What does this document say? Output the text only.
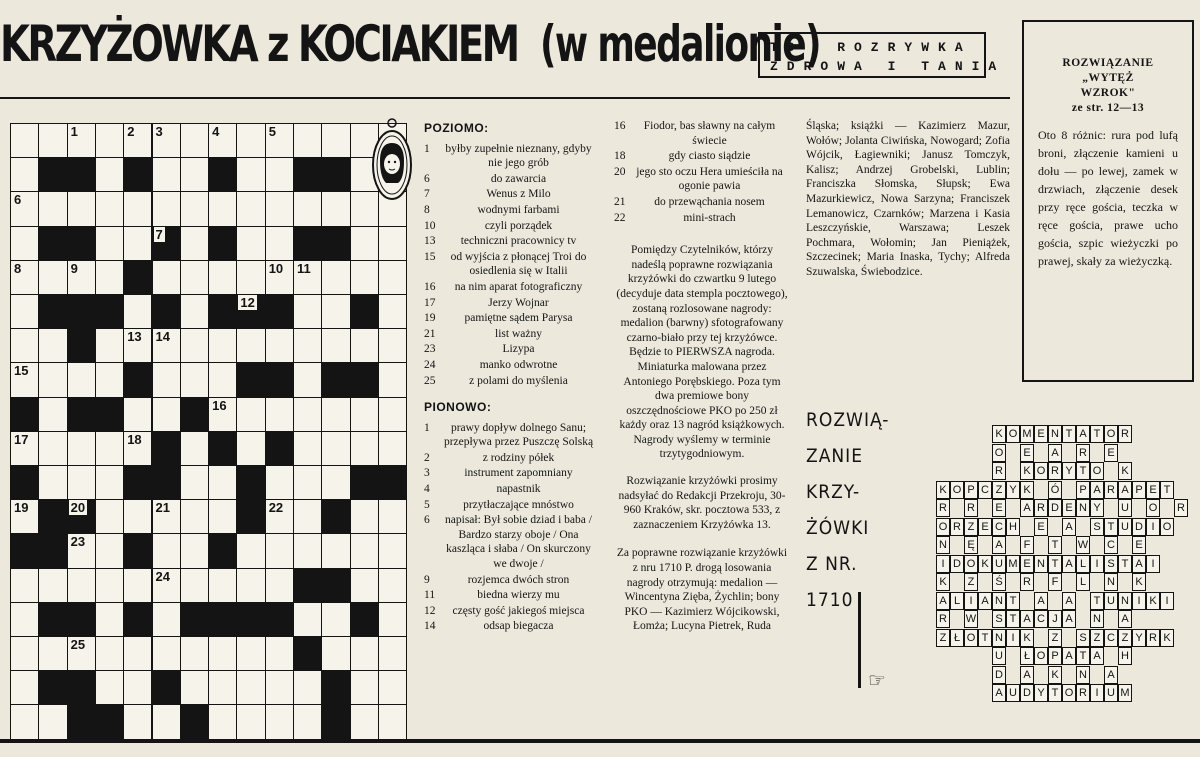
KRZYŻOWKA z KOCIAKIEM (w medalionie)
TO  ROZRYWKA
ZDROWA I TANIA	ROZWIĄZANIE
„WYTĘŻ
WZROK"
ze str. 12—13
Oto 8 różnic: rura pod lufą broni, złączenie kamieni u dołu — po lewej, zamek w drzwiach, złączenie desek przy ręce gościa, teczka w ręce gościa, prawe ucho gościa, szpic wieżyczki po prawej, skały za wieżyczką.
1	2 3	4	5
6
7
8	9	10 11
12
13 14
15
16
17	18
19	20	21	22
23
24
25
POZIOMO:
1	byłby zupełnie nieznany, gdyby nie jego grób
6	do zawarcia
7	Wenus z Milo
8	wodnymi farbami
10	czyli porządek
13	techniczni pracownicy tv
15	od wyjścia z płonącej Troi do osiedlenia się w Italii
16	na nim aparat fotograficzny
17	Jerzy Wojnar
19	pamiętne sądem Parysa
21	list ważny
23	Lizypa
24	manko odwrotne
25	z polami do myślenia
PIONOWO:
1	prawy dopływ dolnego Sanu; przepływa przez Puszczę Solską
2	z rodziny półek
3	instrument zapomniany
4	napastnik
5	przytłaczające mnóstwo
6	napisał: Był sobie dziad i baba / Bardzo starzy oboje / Ona kaszląca i słaba / On skurczony we dwoje /
9	rozjemca dwóch stron
11	biedna wierzy mu
12	częsty gość jakiegoś miejsca
14	odsap biegacza
16	Fiodor, bas sławny na całym świecie
18	gdy ciasto siądzie
20 jego sto oczu Hera umieściła na ogonie pawia
21	do przewąchania nosem
22	mini-strach

Pomiędzy Czytelników, którzy nadeślą poprawne rozwiązania krzyżówki do czwartku 9 lutego (decyduje data stempla pocztowego), zostaną rozlosowane nagrody: medalion (barwny) sfotografowany czarno-biało przy tej krzyżówce. Będzie to PIERWSZA nagroda. Miniaturka malowana przez Antoniego Porębskiego. Poza tym dwa premiowe bony oszczędnościowe PKO po 250 zł każdy oraz 13 nagród książkowych. Nagrody wyślemy w terminie trzytygodniowym.

Rozwiązanie krzyżówki prosimy nadsyłać do Redakcji Przekroju, 30-960 Kraków, skr. pocztowa 533, z zaznaczeniem Krzyżówka 13.

Za poprawne rozwiązanie krzyżówki z nru 1710 P. drogą losowania nagrody otrzymują: medalion — Wincentyna Zięba, Żychlin; bony PKO — Kazimierz Wójcikowski, Łomża; Lucyna Pietrek, Ruda

Śląska; książki — Kazimierz Mazur, Wołów; Jolanta Ciwińska, Nowogard; Zofia Wójcik, Łagiewniki; Janusz Tomczyk, Kalisz; Andrzej Grobelski, Lublin; Franciszka Słomska, Słupsk; Ewa Mazurkiewicz, Nowa Sarzyna; Franciszek Lemanowicz, Czarnków; Marzena i Kasia Leszczyńskie, Warszawa; Leszek Pochmara, Wołomin; Jan Pieniążek, Szczecinek; Maria Inaska, Tychy; Alfreda Szuwalska, Świebodzice.
ROZWIĄ-
ZANIE
KRZY-
ŻÓWKI
Z NR.
1710
☞
K O M E N T A T O R
O	E	A	R	E
R	K O R Y T O	K
K O P C Z Y K	Ó	P A R A P E T
R R	E	A R D E N Y	U O R
O R Z E C H	E	A	S T U D I O
N	Ę	A	F	T	W C	E
I D O K U M E N T A L I S T A I
K	Z	Ś	R	F	L	N	K
A L I A N T	A	A	T U N I K I
R W	S T A C J A	N	A
Z Ł O T N I K	Z	S Z C Z Y R K
U	Ł O P A T A	H
D	A	K	N	A
A U D Y T O R I U M
